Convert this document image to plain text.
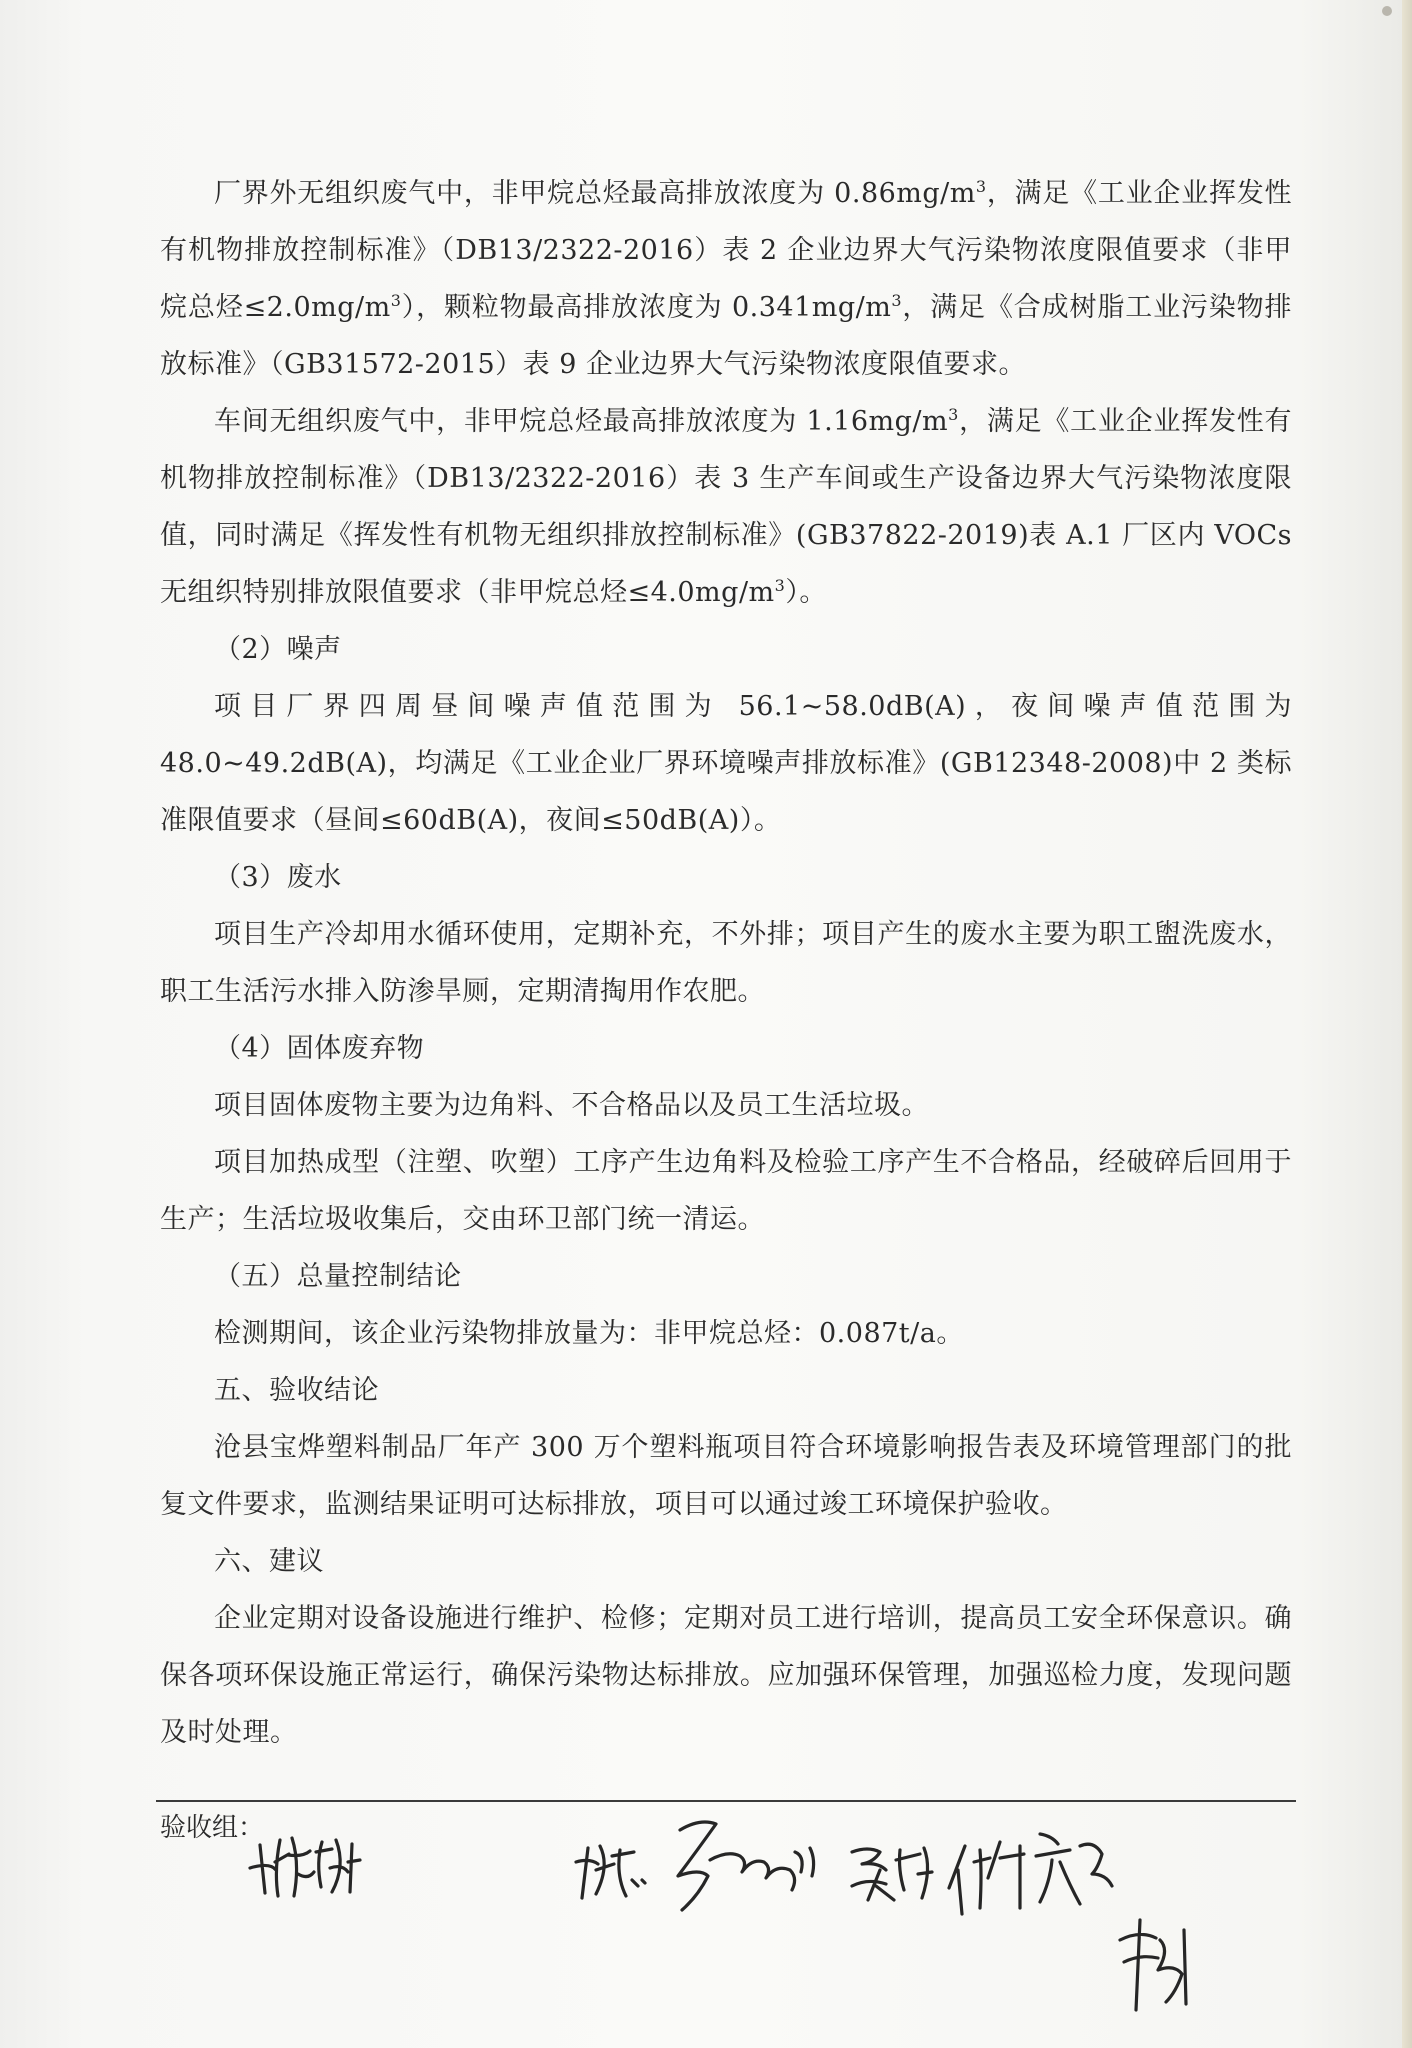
厂界外无组织废气中，非甲烷总烃最高排放浓度为 $0.86mg/m^3$，满足《工业企业挥发性有机物排放控制标准》（DB13/2322-2016）表 2 企业边界大气污染物浓度限值要求（非甲烷总烃$\le 2.0mg/m^3$），颗粒物最高排放浓度为 $0.341mg/m^3$，满足《合成树脂工业污染物排放标准》（GB31572-2015）表 9 企业边界大气污染物浓度限值要求。

车间无组织废气中，非甲烷总烃最高排放浓度为 $1.16mg/m^3$，满足《工业企业挥发性有机物排放控制标准》（DB13/2322-2016）表 3 生产车间或生产设备边界大气污染物浓度限值，同时满足《挥发性有机物无组织排放控制标准》(GB37822-2019)表 A.1 厂区内 VOCs 无组织特别排放限值要求（非甲烷总烃$\le 4.0mg/m^3$）。

（2）噪声

项目厂界四周昼间噪声值范围为 56.1~58.0dB(A)，夜间噪声值范围为 48.0~49.2dB(A)，均满足《工业企业厂界环境噪声排放标准》(GB12348-2008)中 2 类标准限值要求（昼间≤60dB(A)，夜间≤50dB(A)）。

（3）废水

项目生产冷却用水循环使用，定期补充，不外排；项目产生的废水主要为职工盥洗废水，职工生活污水排入防渗旱厕，定期清掏用作农肥。

（4）固体废弃物

项目固体废物主要为边角料、不合格品以及员工生活垃圾。

项目加热成型（注塑、吹塑）工序产生边角料及检验工序产生不合格品，经破碎后回用于生产；生活垃圾收集后，交由环卫部门统一清运。

（五）总量控制结论

检测期间，该企业污染物排放量为：非甲烷总烃：0.087t/a。

五、验收结论

沧县宝烨塑料制品厂年产 300 万个塑料瓶项目符合环境影响报告表及环境管理部门的批复文件要求，监测结果证明可达标排放，项目可以通过竣工环境保护验收。

六、建议

企业定期对设备设施进行维护、检修；定期对员工进行培训，提高员工安全环保意识。确保各项环保设施正常运行，确保污染物达标排放。应加强环保管理，加强巡检力度，发现问题及时处理。

验收组：
